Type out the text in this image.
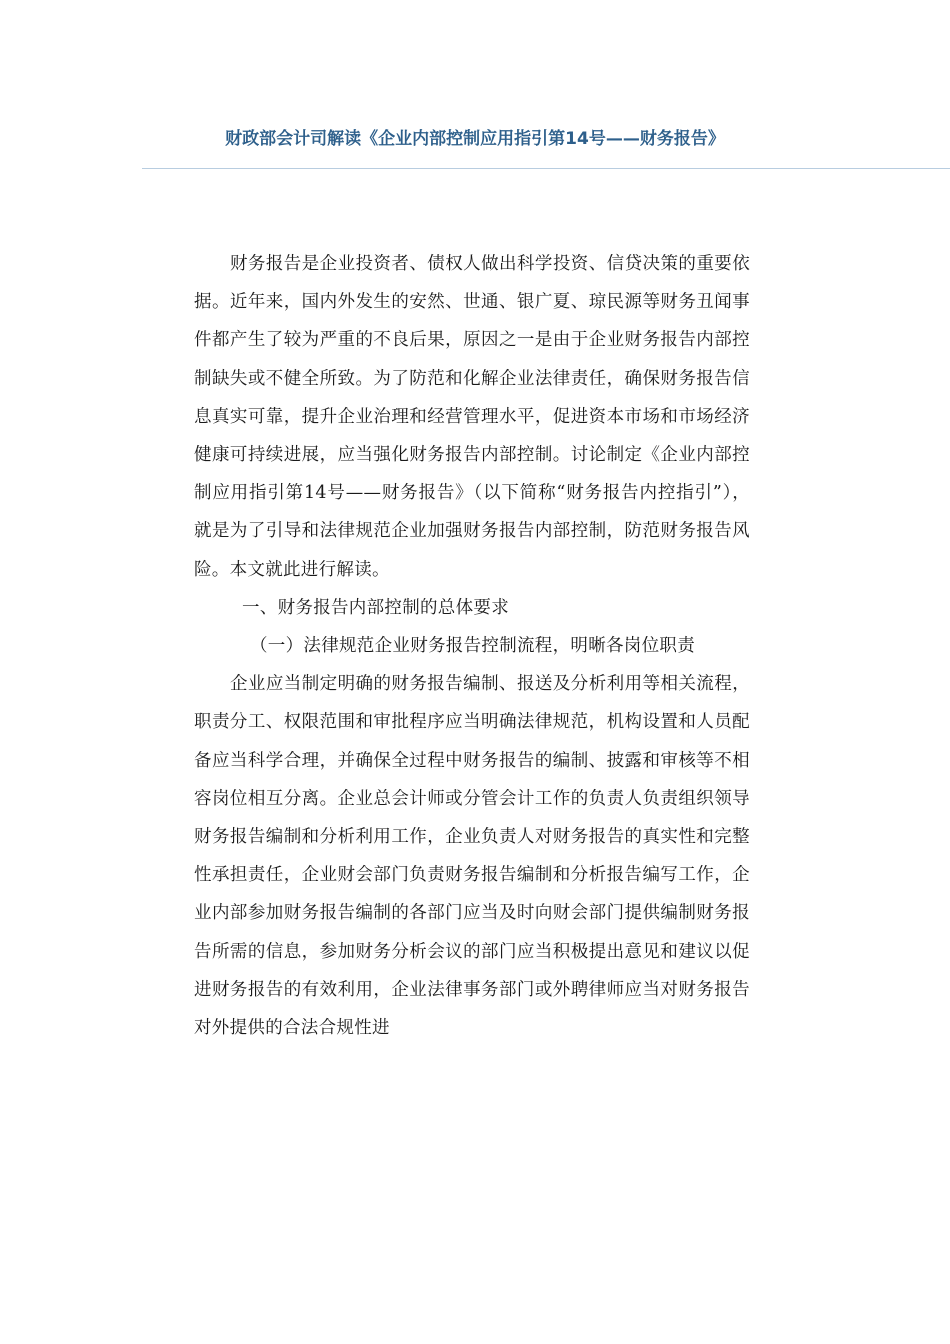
财政部会计司解读《企业内部控制应用指引第14号——财务报告》

财务报告是企业投资者、债权人做出科学投资、信贷决策的重要依据。近年来，国内外发生的安然、世通、银广夏、琼民源等财务丑闻事件都产生了较为严重的不良后果，原因之一是由于企业财务报告内部控制缺失或不健全所致。为了防范和化解企业法律责任，确保财务报告信息真实可靠，提升企业治理和经营管理水平，促进资本市场和市场经济健康可持续进展，应当强化财务报告内部控制。讨论制定《企业内部控制应用指引第14号——财务报告》（以下简称“财务报告内控指引”），就是为了引导和法律规范企业加强财务报告内部控制，防范财务报告风险。本文就此进行解读。

一、财务报告内部控制的总体要求

（一）法律规范企业财务报告控制流程，明晰各岗位职责

企业应当制定明确的财务报告编制、报送及分析利用等相关流程，职责分工、权限范围和审批程序应当明确法律规范，机构设置和人员配备应当科学合理，并确保全过程中财务报告的编制、披露和审核等不相容岗位相互分离。企业总会计师或分管会计工作的负责人负责组织领导财务报告编制和分析利用工作，企业负责人对财务报告的真实性和完整性承担责任，企业财会部门负责财务报告编制和分析报告编写工作，企业内部参加财务报告编制的各部门应当及时向财会部门提供编制财务报告所需的信息，参加财务分析会议的部门应当积极提出意见和建议以促进财务报告的有效利用，企业法律事务部门或外聘律师应当对财务报告对外提供的合法合规性进
